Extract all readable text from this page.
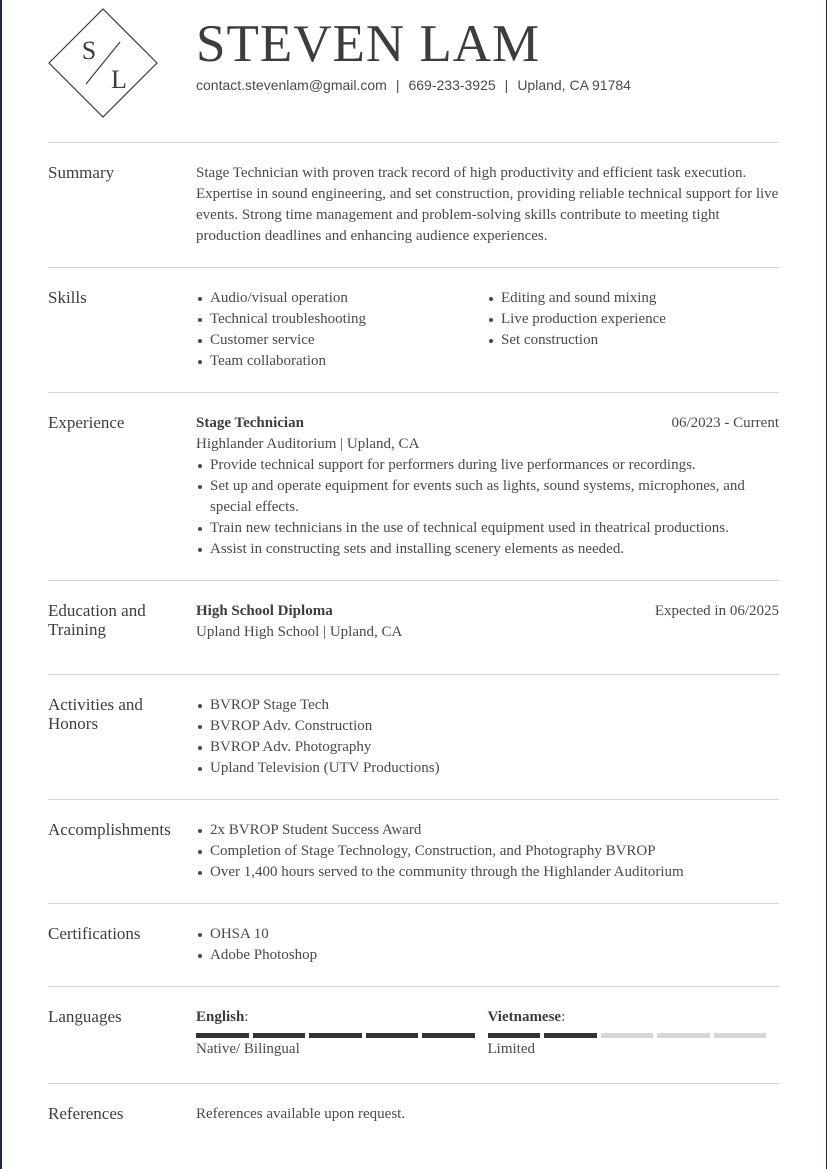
S
L
STEVEN LAM
contact.stevenlam@gmail.com | 669-233-3925 | Upland, CA 91784
Summary	Stage Technician with proven track record of high productivity and efficient task execution. Expertise in sound engineering, and set construction, providing reliable technical support for live events. Strong time management and problem-solving skills contribute to meeting tight production deadlines and enhancing audience experiences.
Skills	Audio/visual operation
Technical troubleshooting
Customer service
Team collaboration
Editing and sound mixing
Live production experience
Set construction
Experience	Stage Technician	06/2023 - Current
Highlander Auditorium | Upland, CA
Provide technical support for performers during live performances or recordings.
Set up and operate equipment for events such as lights, sound systems, microphones, and special effects.
Train new technicians in the use of technical equipment used in theatrical productions.
Assist in constructing sets and installing scenery elements as needed.
Education and Training
High School Diploma	Expected in 06/2025
Upland High School | Upland, CA
Activities and Honors
BVROP Stage Tech
BVROP Adv. Construction
BVROP Adv. Photography
Upland Television (UTV Productions)
Accomplishments	2x BVROP Student Success Award
Completion of Stage Technology, Construction, and Photography BVROP
Over 1,400 hours served to the community through the Highlander Auditorium
Certifications	OHSA 10
Adobe Photoshop
Languages	English:
Native/ Bilingual
Vietnamese:
Limited
References	References available upon request.
